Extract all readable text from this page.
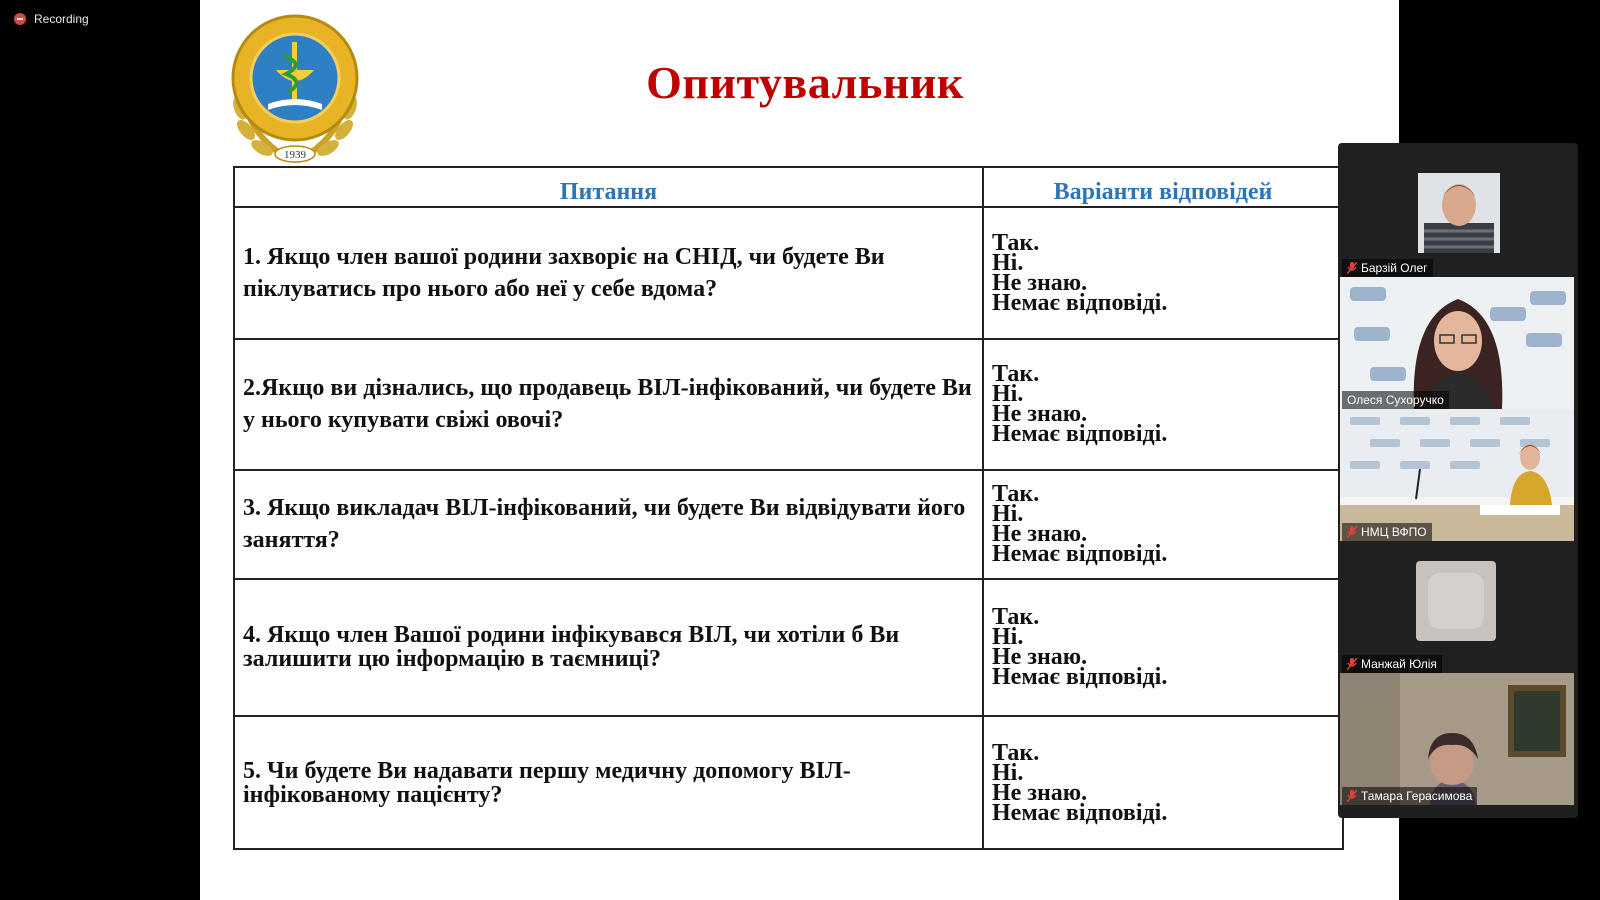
Recording
1939
Опитувальник
Питання	Варіанти відповідей
1. Якщо член вашої родини захворіє на СНІД, чи будете Ви піклуватись про нього або неї у себе вдома?	Так.
Ні.
Не знаю.
Немає відповіді.

2.Якщо ви дізнались, що продавець ВІЛ-інфікований, чи будете Ви у нього купувати свіжі овочі?	Так.
Ні.
Не знаю.
Немає відповіді.

3. Якщо викладач ВІЛ-інфікований, чи будете Ви відвідувати його заняття?	Так.
Ні.
Не знаю.
Немає відповіді.

4. Якщо член Вашої родини інфікувався ВІЛ, чи хотіли б Ви залишити цю інформацію в таємниці?	Так.
Ні.
Не знаю.
Немає відповіді.

5. Чи будете Ви надавати першу медичну допомогу ВІЛ-інфікованому пацієнту?	Так.
Ні.
Не знаю.
Немає відповіді.
Барзій Олег
Олеся Сухоручко
НМЦ ВФПО
Манжай Юлія
Тамара Герасимова
